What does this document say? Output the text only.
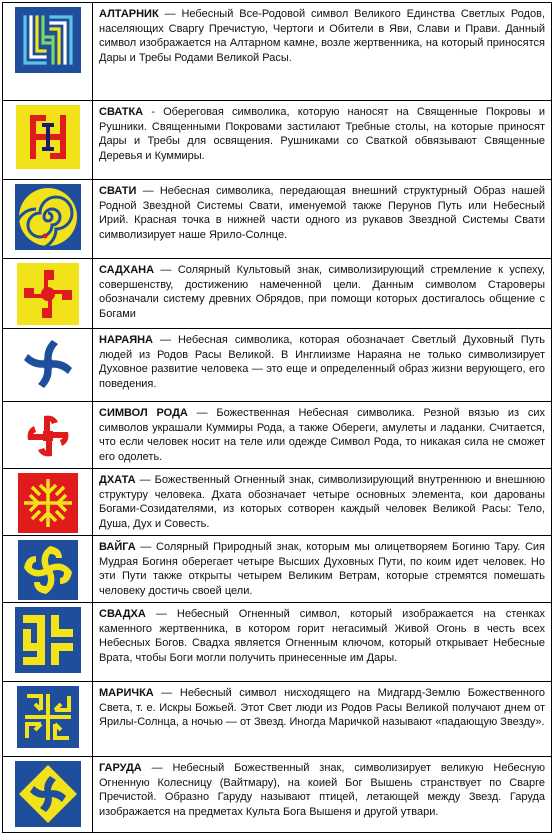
АЛТАРНИК — Небесный Все-Родовой символ Великого Единства Светлых Родов, населяющих Сваргу Пречистую, Чертоги и Обители в Яви, Слави и Прави. Данный символ изображается на Алтарном камне, возле жертвенника, на который приносятся Дары и Требы Родами Великой Расы.
СВАТКА - Обереговая символика, которую наносят на Священные Покровы и Рушники. Священными Покровами застилают Требные столы, на которые приносят Дары и Требы для освящения. Рушниками со Сваткой обвязывают Священные Деревья и Куммиры.
СВАТИ — Небесная символика, передающая внешний структурный Образ нашей Родной Звездной Системы Свати, именуемой также Перунов Путь или Небесный Ирий. Красная точка в нижней части одного из рукавов Звездной Системы Свати символизирует наше Ярило-Солнце.
САДХАНА — Солярный Культовый знак, символизирующий стремление к успеху, совершенству, достижению намеченной цели. Данным символом Староверы обозначали систему древних Обрядов, при помощи которых достигалось общение с Богами
НАРАЯНА — Небесная символика, которая обозначает Светлый Духовный Путь людей из Родов Расы Великой. В Инглиизме Нараяна не только символизирует Духовное развитие человека — это еще и определенный образ жизни верующего, его поведения.
СИМВОЛ РОДА — Божественная Небесная символика. Резной вязью из сих символов украшали Куммиры Рода, а также Обереги, амулеты и ладанки. Считается, что если человек носит на теле или одежде Символ Рода, то никакая сила не сможет его одолеть.
ДХАТА — Божественный Огненный знак, символизирующий внутреннюю и внешнюю структуру человека. Дхата обозначает четыре основных элемента, кои дарованы Богами-Созидателями, из которых сотворен каждый человек Великой Расы: Тело, Душа, Дух и Совесть.
ВАЙГА — Солярный Природный знак, которым мы олицетворяем Богиню Тару. Сия Мудрая Богиня оберегает четыре Высших Духовных Пути, по коим идет человек. Но эти Пути также открыты четырем Великим Ветрам, которые стремятся помешать человеку достичь своей цели.
СВАДХА — Небесный Огненный символ, который изображается на стенках каменного жертвенника, в котором горит негасимый Живой Огонь в честь всех Небесных Богов. Свадха является Огненным ключом, который открывает Небесные Врата, чтобы Боги могли получить принесенные им Дары.
МАРИЧКА — Небесный символ нисходящего на Мидгард-Землю Божественного Света, т. е. Искры Божьей. Этот Свет люди из Родов Расы Великой получают днем от Ярилы-Солнца, а ночью — от Звезд. Иногда Маричкой называют «падающую Звезду».
ГАРУДА — Небесный Божественный знак, символизирует великую Небесную Огненную Колесницу (Вайтмару), на коией Бог Вышень странствует по Сварге Пречистой. Образно Гаруду называют птицей, летающей между Звезд. Гаруда изображается на предметах Культа Бога Вышеня и другой утвари.
